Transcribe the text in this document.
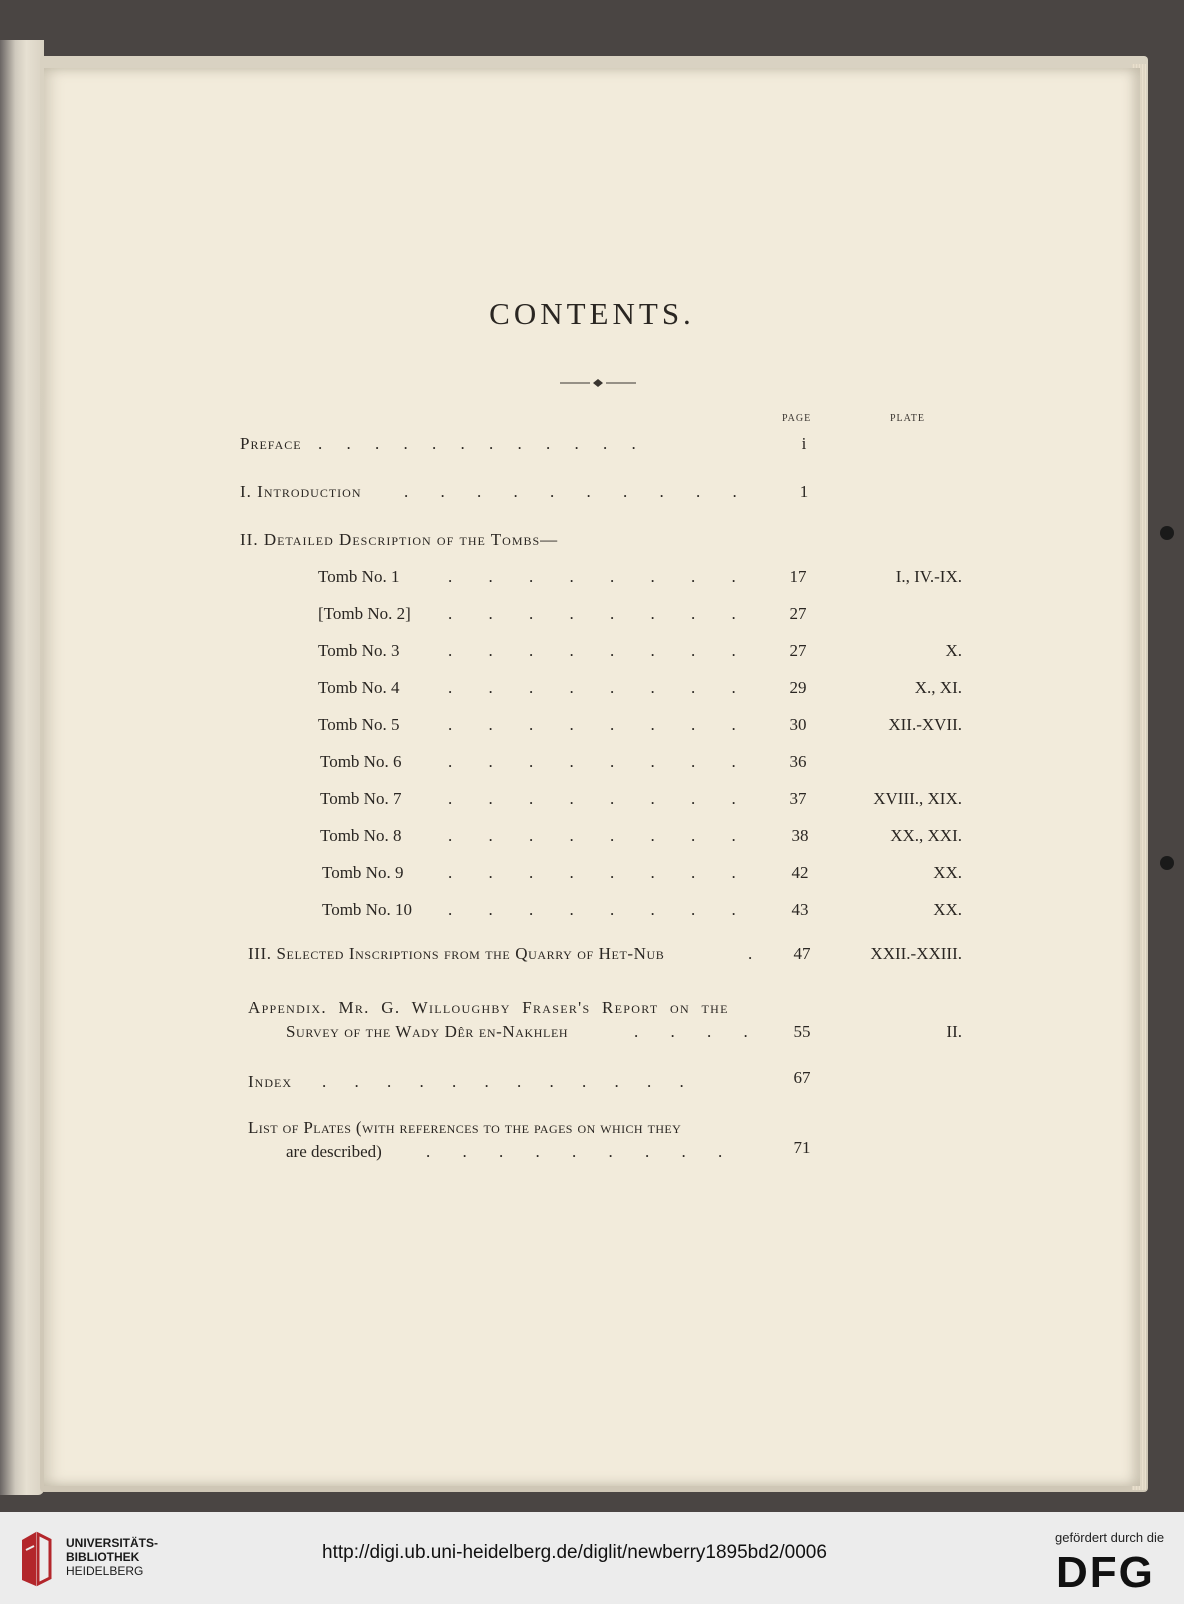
CONTENTS.
PAGE	PLATE
Preface . . . . . . . . . . . .	i
I. Introduction	. . . . . . . . . .	1
II. Detailed Description of the Tombs—
Tomb No. 1	. . . . . . . .	17	I., IV.-IX.
[Tomb No. 2] . . . . . . . .	27
Tomb No. 3	. . . . . . . .	27	X.
Tomb No. 4	. . . . . . . .	29	X., XI.
Tomb No. 5	. . . . . . . .	30	XII.-XVII.
Tomb No. 6	. . . . . . . .	36
Tomb No. 7	. . . . . . . .	37	XVIII., XIX.
Tomb No. 8	. . . . . . . .	38	XX., XXI.
Tomb No. 9	. . . . . . . .	42	XX.
Tomb No. 10 . . . . . . . .	43	XX.
III. Selected Inscriptions from the Quarry of Het-Nub	.	47	XXII.-XXIII.
Appendix. Mr. G. Willoughby Fraser's Report on the
Survey of the Wady Dêr en-Nakhleh	. . . .	55	II.
Index . . . . . . . . . . . .	67
List of Plates (with references to the pages on which they
are described)	. . . . . . . . .	71
UNIVERSITÄTS-
BIBLIOTHEK
HEIDELBERG
http://digi.ub.uni-heidelberg.de/diglit/newberry1895bd2/0006
gefördert durch die
DFG
